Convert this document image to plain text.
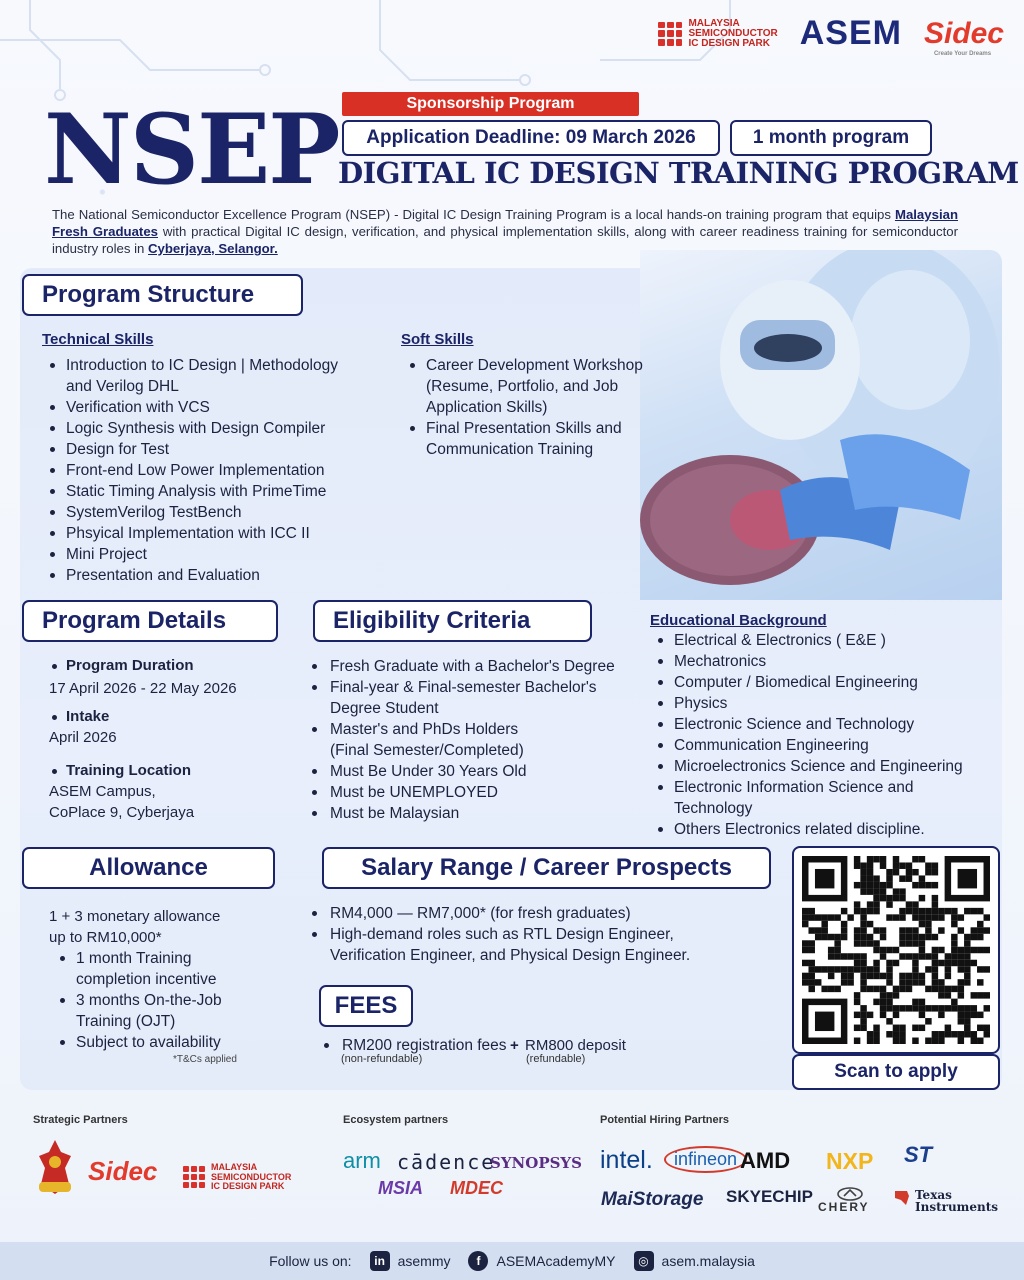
MALAYSIA
SEMICONDUCTOR
IC DESIGN PARK ASEM Sidec
Create Your Dreams
NSEP	Sponsorship Program
Application Deadline: 09 March 2026	1 month program
DIGITAL IC DESIGN TRAINING PROGRAM

The National Semiconductor Excellence Program (NSEP) - Digital IC Design Training Program is a local hands-on training program that equips Malaysian Fresh Graduates with practical Digital IC design, verification, and physical implementation skills, along with career readiness training for semiconductor industry roles in Cyberjaya, Selangor.

Program Structure
Technical Skills
Introduction to IC Design | Methodology
and Verilog DHL
Verification with VCS
Logic Synthesis with Design Compiler
Design for Test
Front-end Low Power Implementation
Static Timing Analysis with PrimeTime
SystemVerilog TestBench
Phsyical Implementation with ICC II
Mini Project
Presentation and Evaluation
Soft Skills
Career Development Workshop
(Resume, Portfolio, and Job
Application Skills)
Final Presentation Skills and
Communication Training
Program Details
Program Duration
17 April 2026 - 22 May 2026
Intake
April 2026
Training Location
ASEM Campus,
CoPlace 9, Cyberjaya
Eligibility Criteria
Fresh Graduate with a Bachelor's Degree
Final-year & Final-semester Bachelor's
Degree Student
Master's and PhDs Holders
(Final Semester/Completed)
Must Be Under 30 Years Old
Must be UNEMPLOYED
Must be Malaysian
Educational Background
Electrical & Electronics ( E&E )
Mechatronics
Computer / Biomedical Engineering
Physics
Electronic Science and Technology
Communication Engineering
Microelectronics Science and Engineering
Electronic Information Science and
Technology
Others Electronics related discipline.
Allowance
1 + 3 monetary allowance
up to RM10,000*
1 month Training
completion incentive
3 months On-the-Job
Training (OJT)
Subject to availability
*T&Cs applied
Salary Range / Career Prospects
RM4,000 — RM7,000* (for fresh graduates)
High-demand roles such as RTL Design Engineer,
Verification Engineer, and Physical Design Engineer.
FEES
RM200 registration fees
(non-refundable)
+ RM800 deposit
(refundable)
Scan to apply
Strategic Partners	Ecosystem partners	Potential Hiring Partners
Sidec	MALAYSIA
SEMICONDUCTOR
IC DESIGN PARK
arm cādence
SYNOPSYS
MSIA MDEC
intel.	infineon AMD NXP ST
MaiStorage SKYECHIP
CHERY
Texas
Instruments
Follow us on:	in asemmy	f	ASEMAcademyMY	◎ asem.malaysia
